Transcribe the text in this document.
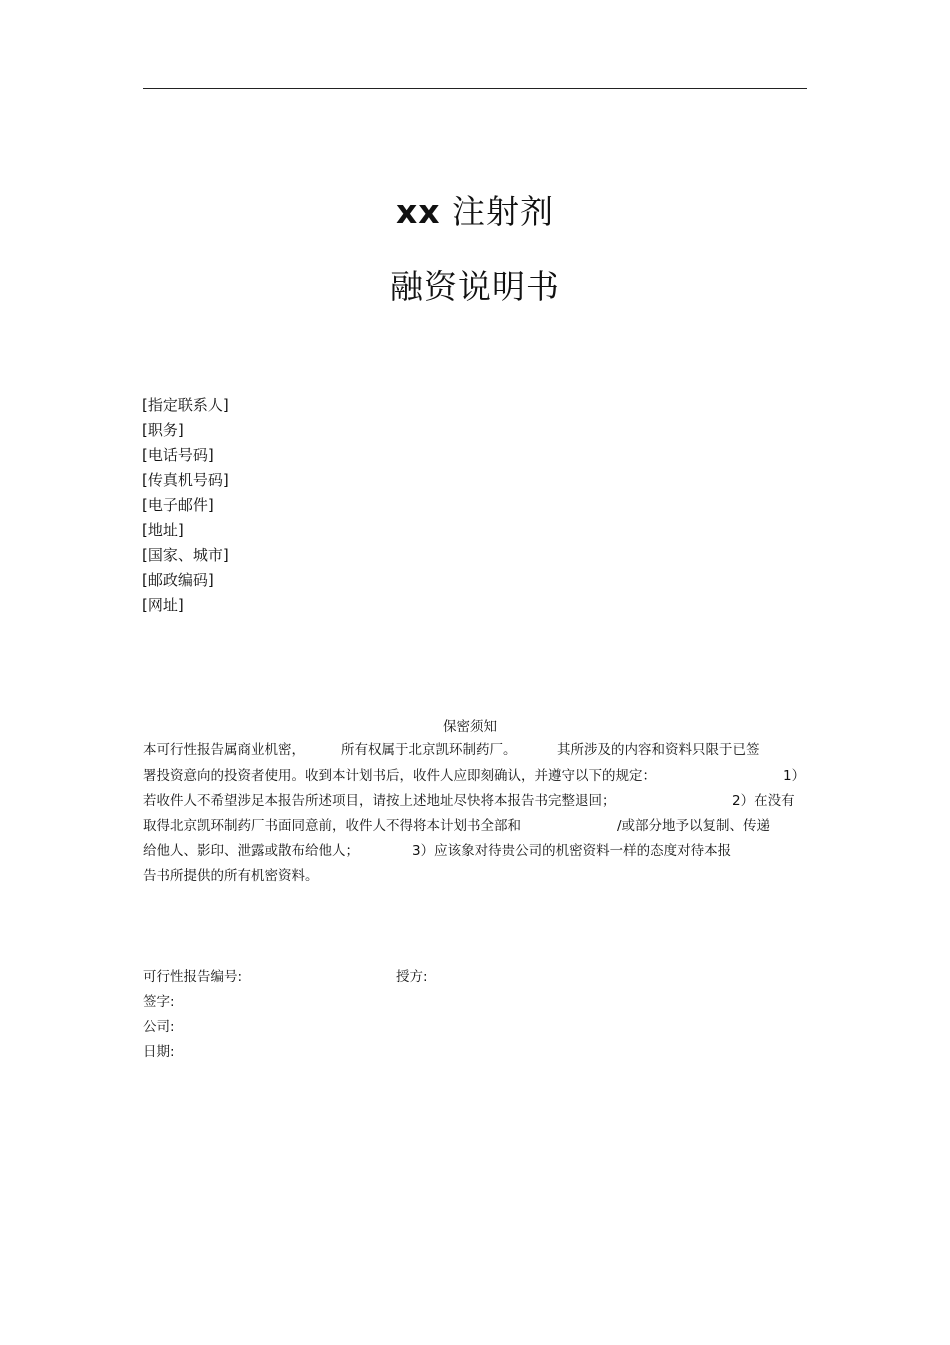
xx 注射剂
融资说明书
[指定联系人]
[职务]
[电话号码]
[传真机号码]
[电子邮件]
[地址]
[国家、城市]
[邮政编码]
[网址]
保密须知
本可行性报告属商业机密，	所有权属于北京凯环制药厂。	其所涉及的内容和资料只限于已签
署投资意向的投资者使用。收到本计划书后，收件人应即刻确认，并遵守以下的规定：	1）
若收件人不希望涉足本报告所述项目，请按上述地址尽快将本报告书完整退回；	2）在没有
取得北京凯环制药厂书面同意前，收件人不得将本计划书全部和	/或部分地予以复制、传递
给他人、影印、泄露或散布给他人；	3）应该象对待贵公司的机密资料一样的态度对待本报
告书所提供的所有机密资料。
可行性报告编号:	授方:
签字:
公司:
日期:
